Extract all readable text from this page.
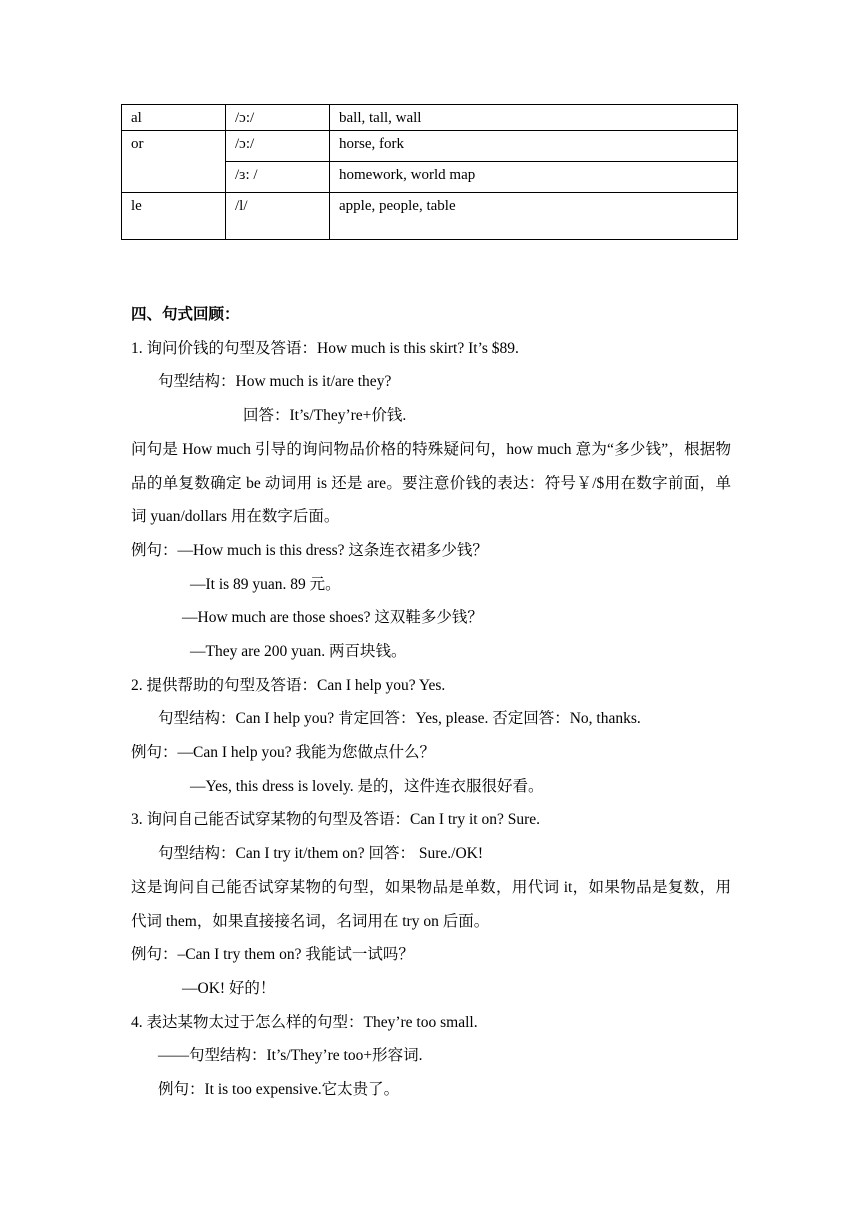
al	/ɔ:/	ball, tall, wall
or	/ɔ:/	horse, fork
	/ɜ: /	homework, world map
le	/l/	apple, people, table
四、句式回顾：
1. 询问价钱的句型及答语：How much is this skirt? It’s $89.
句型结构：How much is it/are they?
回答：It’s/They’re+价钱.
问句是 How much 引导的询问物品价格的特殊疑问句，how much 意为“多少钱”，根据物品的单复数确定 be 动词用 is 还是 are。要注意价钱的表达：符号￥/$用在数字前面，单词 yuan/dollars 用在数字后面。
例句：—How much is this dress? 这条连衣裙多少钱？
—It is 89 yuan. 89 元。
—How much are those shoes? 这双鞋多少钱？
—They are 200 yuan. 两百块钱。
2. 提供帮助的句型及答语：Can I help you? Yes.
句型结构：Can I help you? 肯定回答：Yes, please. 否定回答：No, thanks.
例句：—Can I help you? 我能为您做点什么？
—Yes, this dress is lovely. 是的，这件连衣服很好看。
3. 询问自己能否试穿某物的句型及答语：Can I try it on? Sure.
句型结构：Can I try it/them on? 回答： Sure./OK!
这是询问自己能否试穿某物的句型，如果物品是单数，用代词 it，如果物品是复数，用代词 them，如果直接接名词，名词用在 try on 后面。
例句：–Can I try them on? 我能试一试吗？
—OK! 好的！
4. 表达某物太过于怎么样的句型：They’re too small.
——句型结构：It’s/They’re too+形容词.
例句：It is too expensive.它太贵了。
